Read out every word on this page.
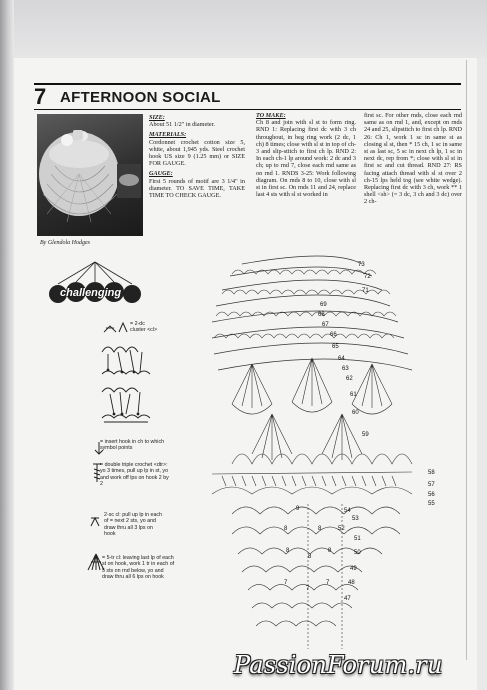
7 AFTERNOON SOCIAL
By Glendola Hodges

SIZE:
About 51 1/2" in diameter.

MATERIALS:
Cordonnet crochet cotton size 5, white, about 1,945 yds. Steel crochet hook US size 9 (1.25 mm) or SIZE FOR GAUGE.

GAUGE:
First 5 rounds of motif are 3 1/4" in diameter. TO SAVE TIME, TAKE TIME TO CHECK GAUGE.

TO MAKE:
Ch 8 and join with sl st to form ring. RND 1: Replacing first dc with 3 ch throughout, in beg ring work (2 dc, 1 ch) 8 times; close with sl st in top of ch-3 and slip-stitch to first ch lp. RND 2: In each ch-1 lp around work: 2 dc and 3 ch; up to rnd 7, close each rnd same as on rnd 1. RNDS 3-25: Work following diagram. On rnds 8 to 10, close with sl st in first sc. On rnds 11 and 24, replace last 4 sts with sl st worked in

first sc. For other rnds, close each rnd same as on rnd 1, and, except on rnds 24 and 25, slipstitch to first ch lp. RND 26: Ch 1, work 1 sc in same st as closing sl st, then * 15 ch, 1 sc in same st as last sc, 5 sc in next ch lp, 1 sc in next dc, rep from *; close with sl st in first sc and cut thread. RND 27: RS facing attach thread with sl st over 2 ch-15 lps held tog (see white wedge). Replacing first dc with 3 ch, work ** 1 shell <sh> (= 3 dc, 3 ch and 3 dc) over 2 ch-

challenging
= 2-dc cluster <cl>
= insert hook in ch to which symbol points
= double triple crochet <dtr>: yo 3 times, pull up lp in st, yo and work off lps on hook 2 by 2
2-sc cl: pull up lp in each of = next 2 sts, yo and draw thru all 3 lps on hook
= 5-tr cl: leaving last lp of each st on hook, work 1 tr in each of 5 sts on rnd below, yo and draw thru all 6 lps on hook
73
72
71
69
68
67
66
65
64
63
62
61
60
59
58
57
56
55
54
53
52
51
50
49
48
47
9
8	8
8
8
8
7
7
7
PassionForum.ru
